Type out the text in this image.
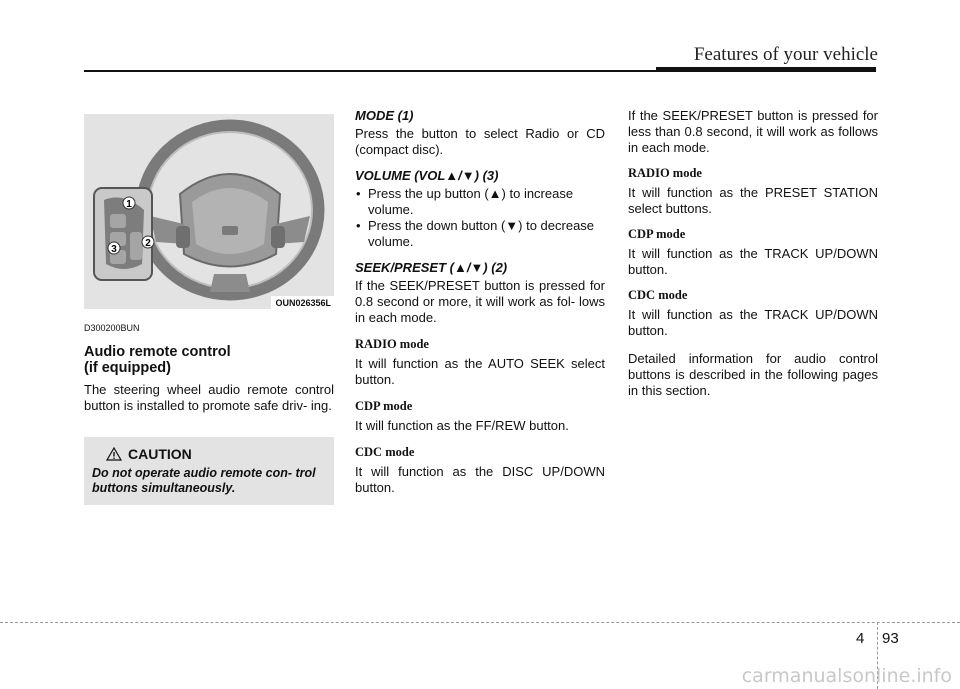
Features of your vehicle
1
2
3
OUN026356L
D300200BUN
Audio remote control
(if equipped)

The steering wheel audio remote control button is installed to promote safe driv- ing.

CAUTION
Do not operate audio remote con- trol buttons simultaneously.
MODE (1)

Press the button to select Radio or CD (compact disc).

VOLUME (VOL▲/▼) (3)
• Press the up button (▲) to increase volume.
• Press the down button (▼) to decrease volume.
SEEK/PRESET (▲/▼) (2)

If the SEEK/PRESET button is pressed for 0.8 second or more, it will work as fol- lows in each mode.

RADIO mode

It will function as the AUTO SEEK select button.

CDP mode

It will function as the FF/REW button.

CDC mode

It will function as the DISC UP/DOWN button.

If the SEEK/PRESET button is pressed for less than 0.8 second, it will work as follows in each mode.

RADIO mode

It will function as the PRESET STATION select buttons.

CDP mode

It will function as the TRACK UP/DOWN button.

CDC mode

It will function as the TRACK UP/DOWN button.

Detailed information for audio control buttons is described in the following pages in this section.

4 93
carmanualsonline.info
